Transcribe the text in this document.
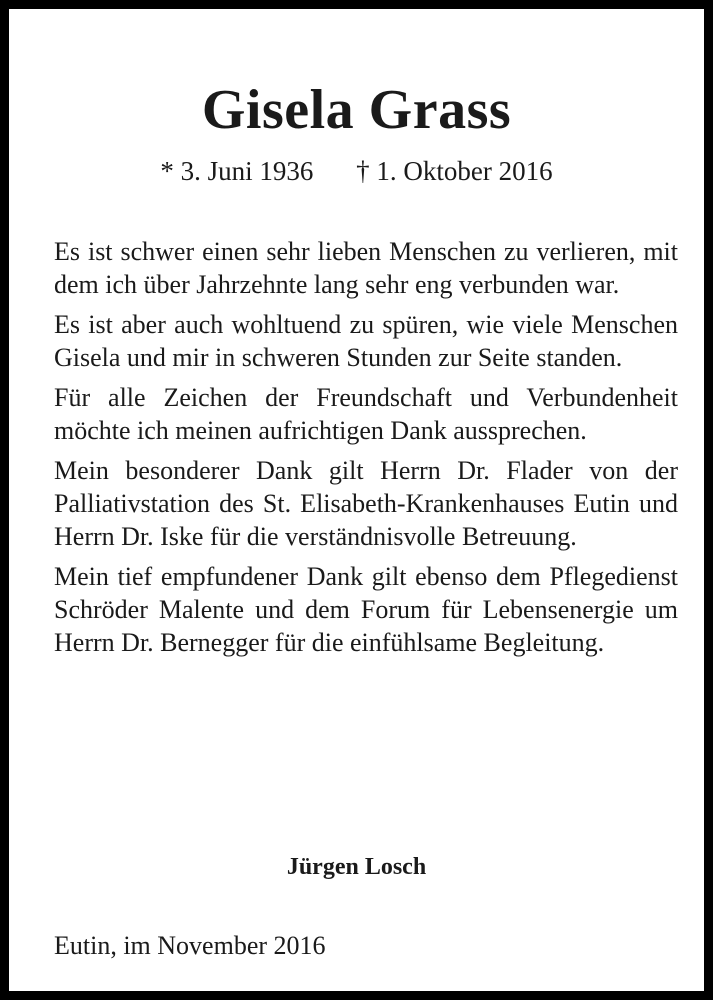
Gisela Grass
* 3. Juni 1936 † 1. Oktober 2016

Es ist schwer einen sehr lieben Menschen zu verlieren, mit dem ich über Jahrzehnte lang sehr eng verbunden war.

Es ist aber auch wohltuend zu spüren, wie viele Menschen Gisela und mir in schweren Stunden zur Seite standen.

Für alle Zeichen der Freundschaft und Verbundenheit möchte ich meinen aufrichtigen Dank aussprechen.

Mein besonderer Dank gilt Herrn Dr. Flader von der Palliativstation des St. Elisabeth-Krankenhauses Eutin und Herrn Dr. Iske für die verständnisvolle Betreuung.

Mein tief empfundener Dank gilt ebenso dem Pflegedienst Schröder Malente und dem Forum für Lebensenergie um Herrn Dr. Bernegger für die einfühlsame Begleitung.

Jürgen Losch
Eutin, im November 2016
